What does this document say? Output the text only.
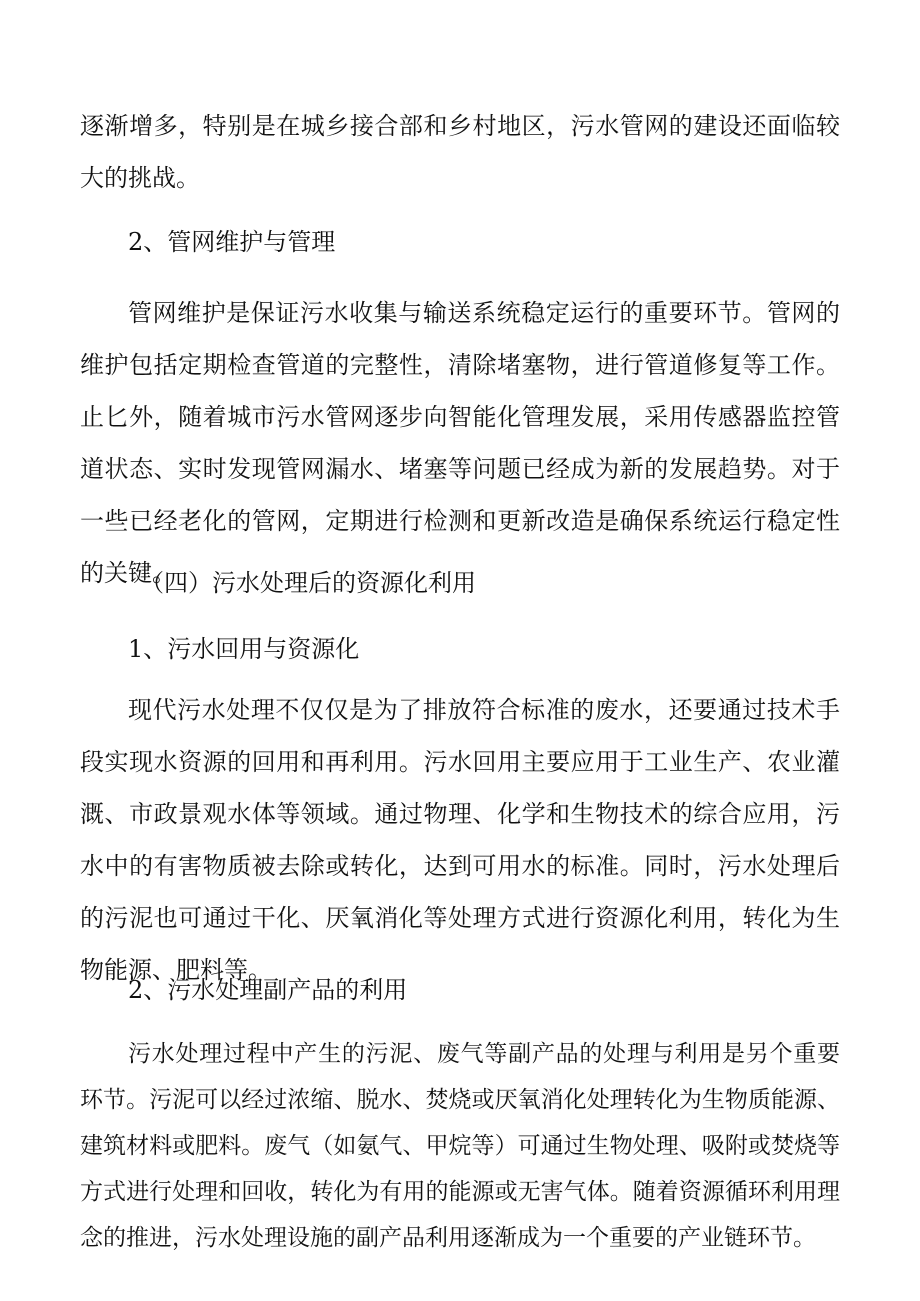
逐渐增多，特别是在城乡接合部和乡村地区，污水管网的建设还面临较大的挑战。

2、管网维护与管理

管网维护是保证污水收集与输送系统稳定运行的重要环节。管网的维护包括定期检查管道的完整性，清除堵塞物，进行管道修复等工作。止匕外，随着城市污水管网逐步向智能化管理发展，采用传感器监控管道状态、实时发现管网漏水、堵塞等问题已经成为新的发展趋势。对于一些已经老化的管网，定期进行检测和更新改造是确保系统运行稳定性的关键。

（四）污水处理后的资源化利用
1、污水回用与资源化

现代污水处理不仅仅是为了排放符合标准的废水，还要通过技术手段实现水资源的回用和再利用。污水回用主要应用于工业生产、农业灌溉、市政景观水体等领域。通过物理、化学和生物技术的综合应用，污水中的有害物质被去除或转化，达到可用水的标准。同时，污水处理后的污泥也可通过干化、厌氧消化等处理方式进行资源化利用，转化为生物能源、肥料等。

2、污水处理副产品的利用

污水处理过程中产生的污泥、废气等副产品的处理与利用是另个重要环节。污泥可以经过浓缩、脱水、焚烧或厌氧消化处理转化为生物质能源、建筑材料或肥料。废气（如氨气、甲烷等）可通过生物处理、吸附或焚烧等方式进行处理和回收，转化为有用的能源或无害气体。随着资源循环利用理念的推进，污水处理设施的副产品利用逐渐成为一个重要的产业链环节。
